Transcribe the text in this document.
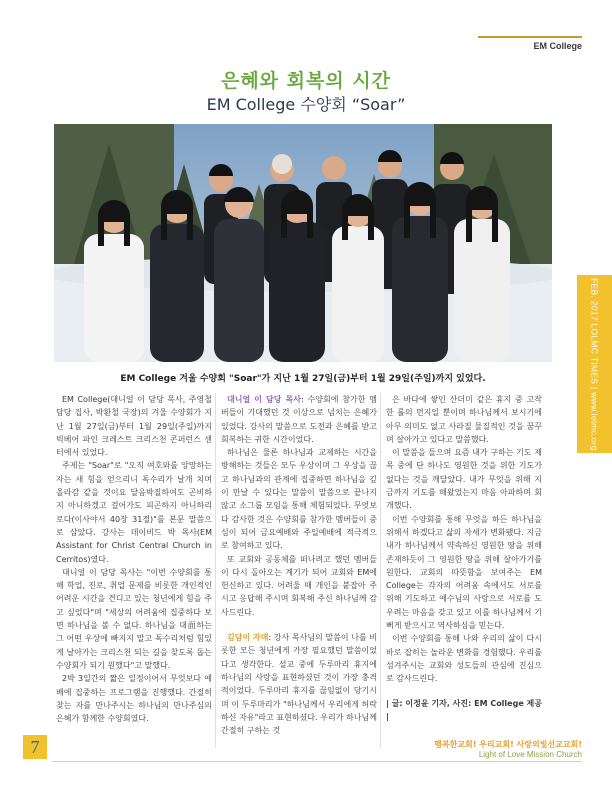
EM College
은혜와 회복의 시간
EM College 수양회 “Soar”
EM College 겨울 수양회 "Soar"가 지난 1월 27일(금)부터 1월 29일(주일)까지 있었다.	FEB. 2017 LOLMC TIMES | www.lolmc.org

EM College(대니얼 이 담당 목사, 주영철 담당 집사, 박환철 국장)의 겨울 수양회가 지난 1월 27일(금)부터 1월 29일(주일)까지 빅베어 파인 크레스트 크리스천 콘퍼런스 센터에서 있었다.

주제는 "Soar"로 "오직 여호와를 앙망하는 자는 새 힘을 얻으리니 독수리가 날개 치며 올라감 같을 것이요 달음박질하여도 곤비하지 아니하겠고 걸어가도 피곤하지 아니하리로다(이사야서 40장 31절)"를 본문 말씀으로 삼았다. 강사는 데이비드 박 목사(EM Assistant for Christ Central Church in Cerritos)였다.

대니얼 이 담당 목사는 "이번 수양회를 통해 학업, 진로, 취업 문제를 비롯한 개인적인 어려운 시간을 견디고 있는 청년에게 힘을 주고 싶었다"며 "세상의 어려움에 집중하다 보면 하나님을 볼 수 없다. 하나님을 대面하는 그 어떤 우상에 빠지지 말고 독수리처럼 힘있게 날아가는 크리스천 되는 길을 찾도록 돕는 수양회가 되기 원했다"고 말했다.

2박 3일간의 짧은 일정이어서 무엇보다 예배에 집중하는 프로그램을 진행했다. 간절히 찾는 자를 만나주시는 하나님의 만나주심의 은혜가 함께한 수양회였다.

대니얼 이 담당 목사: 수양회에 참가한 멤버들이 기대했던 것 이상으로 넘치는 은혜가 있었다. 강사의 말씀으로 도전과 은혜를 받고 회복하는 귀한 시간이었다.

하나님은 물론 하나님과 교제하는 시간을 방해하는 것들은 모두 우상이며 그 우상을 끊고 하나님과의 관계에 집중하면 하나님을 깊이 만날 수 있다는 말씀이 말씀으로 끝나지 않고 소그룹 모임을 통해 체험되었다. 무엇보다 감사한 것은 수양회를 참가한 멤버들이 중심이 되어 금요예배와 주일예배에 적극적으로 참여하고 있다.

또 교회와 공동체를 떠나려고 했던 멤버들이 다시 돌아오는 계기가 되어 교회와 EM에 헌신하고 있다. 어려울 때 개인을 붙잡아 주시고 응답해 주시며 회복해 주신 하나님께 감사드린다.

김담이 자매: 강사 목사님의 말씀이 나를 비롯한 모든 청년에게 가장 필요했던 말씀이었다고 생각한다. 설교 중에 두루마리 휴지에 하나님의 사랑을 표현하셨던 것이 가장 충격적이었다. 두루마리 휴지를 끊임없이 당기시며 이 두루마리가 "하나님께서 우리에게 허락하신 자유"라고 표현하셨다. 우리가 하나님께 간절히 구하는 것

은 바다에 쌓인 산더미 같은 휴지 중 고작 한 롤의 먼지일 뿐이며 하나님께서 보시기에 아무 의미도 없고 사라질 물질적인 것을 꿈꾸며 살아가고 있다고 말씀했다.

이 말씀을 들으며 요즘 내가 구하는 기도 제목 중에 단 하나도 영원한 것을 위한 기도가 없다는 것을 깨달았다. 내가 무엇을 위해 지금까지 기도를 해왔었는지 마음 아파하며 회개했다.

이번 수양회를 통해 무엇을 하든 하나님을 위해서 하겠다고 삶의 자세가 변화됐다. 지금 내가 하나님께서 약속하신 영원한 땅을 위해 존재하듯이 그 영원한 땅을 위해 살아가기를 원한다. 교회의 따뜻함을 보여주는 EM College는 각자의 어려움 속에서도 서로를 위해 기도하고 예수님의 사랑으로 서로를 도우려는 마음을 갖고 있고 이를 하나님께서 기뻐게 받으시고 역사하심을 믿는다.

이번 수양회를 통해 나와 우리의 삶이 다시 바로 잡히는 놀라운 변화를 경험했다. 우리를 섬겨주시는 교회와 성도들의 관심에 진심으로 감사드린다.

| 글: 이정윤 기자, 사진: EM College 제공 |

7	행복한교회! 우리교회! 사랑의빛선교교회!
Light of Love Mission Church
